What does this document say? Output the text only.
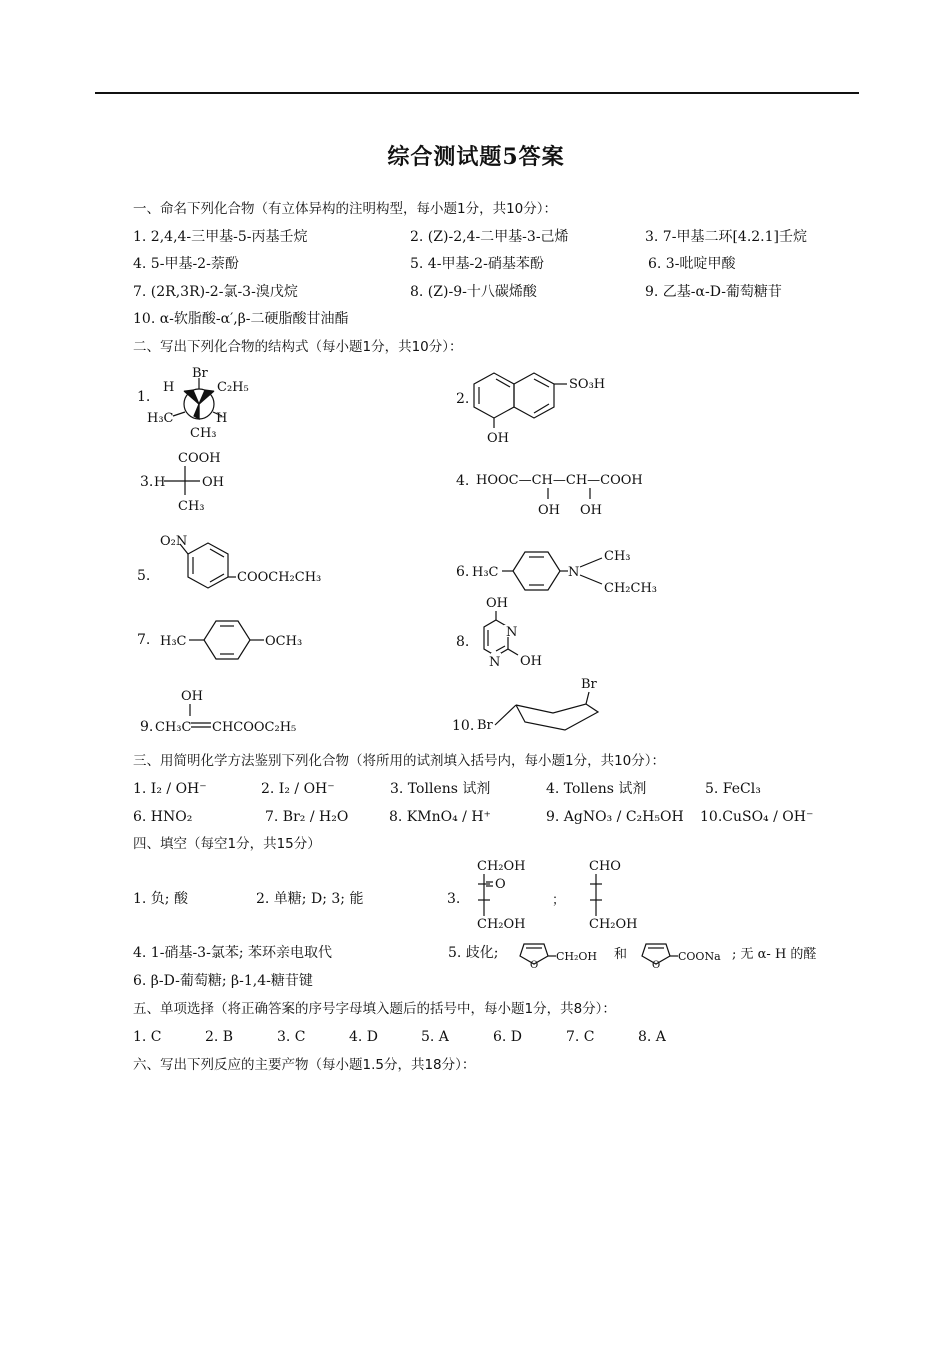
综合测试题5答案
一、命名下列化合物（有立体异构的注明构型，每小题1分，共10分）：
1. 2,4,4-三甲基-5-丙基壬烷	2. (Z)-2,4-二甲基-3-己烯	3. 7-甲基二环[4.2.1]壬烷
4. 5-甲基-2-萘酚	5. 4-甲基-2-硝基苯酚	6. 3-吡啶甲酸
7. (2R,3R)-2-氯-3-溴戊烷	8. (Z)-9-十八碳烯酸	9. 乙基-α-D-葡萄糖苷
10. α-软脂酸-α′,β-二硬脂酸甘油酯
二、写出下列化合物的结构式（每小题1分，共10分）：
1.
Br
H	C₂H₅
H₃C	H
CH₃
2.
SO₃H
OH
3.
COOH
H	OH
CH₃
4. HOOC—CH—CH—COOH
OH OH
5.
O₂N
COOCH₂CH₃	6. H₃C	N
CH₃
CH₂CH₃
7. H₃C	OCH₃	8.
OH
N
N OH
9.
OH
CH₃C CHCOOC₂H₅	10. Br
Br
三、用简明化学方法鉴别下列化合物（将所用的试剂填入括号内，每小题1分，共10分）：
1. I₂ / OH⁻	2. I₂ / OH⁻	3. Tollens 试剂	4. Tollens 试剂	5. FeCl₃
6. HNO₂	7. Br₂ / H₂O	8. KMnO₄ / H⁺	9. AgNO₃ / C₂H₅OH 10.CuSO₄ / OH⁻
四、填空（每空1分，共15分）
1. 负; 酸	2. 单糖; D; 3; 能	3.
CH₂OH
O
CH₂OH
；
CHO
CH₂OH
4. 1-硝基-3-氯苯; 苯环亲电取代	5. 歧化;
O
CH₂OH 和
O
COONa ; 无 α- H 的醛
6. β-D-葡萄糖; β-1,4-糖苷键
五、单项选择（将正确答案的序号字母填入题后的括号中，每小题1分，共8分）：
1. C	2. B	3. C	4. D	5. A	6. D	7. C	8. A
六、写出下列反应的主要产物（每小题1.5分，共18分）：
